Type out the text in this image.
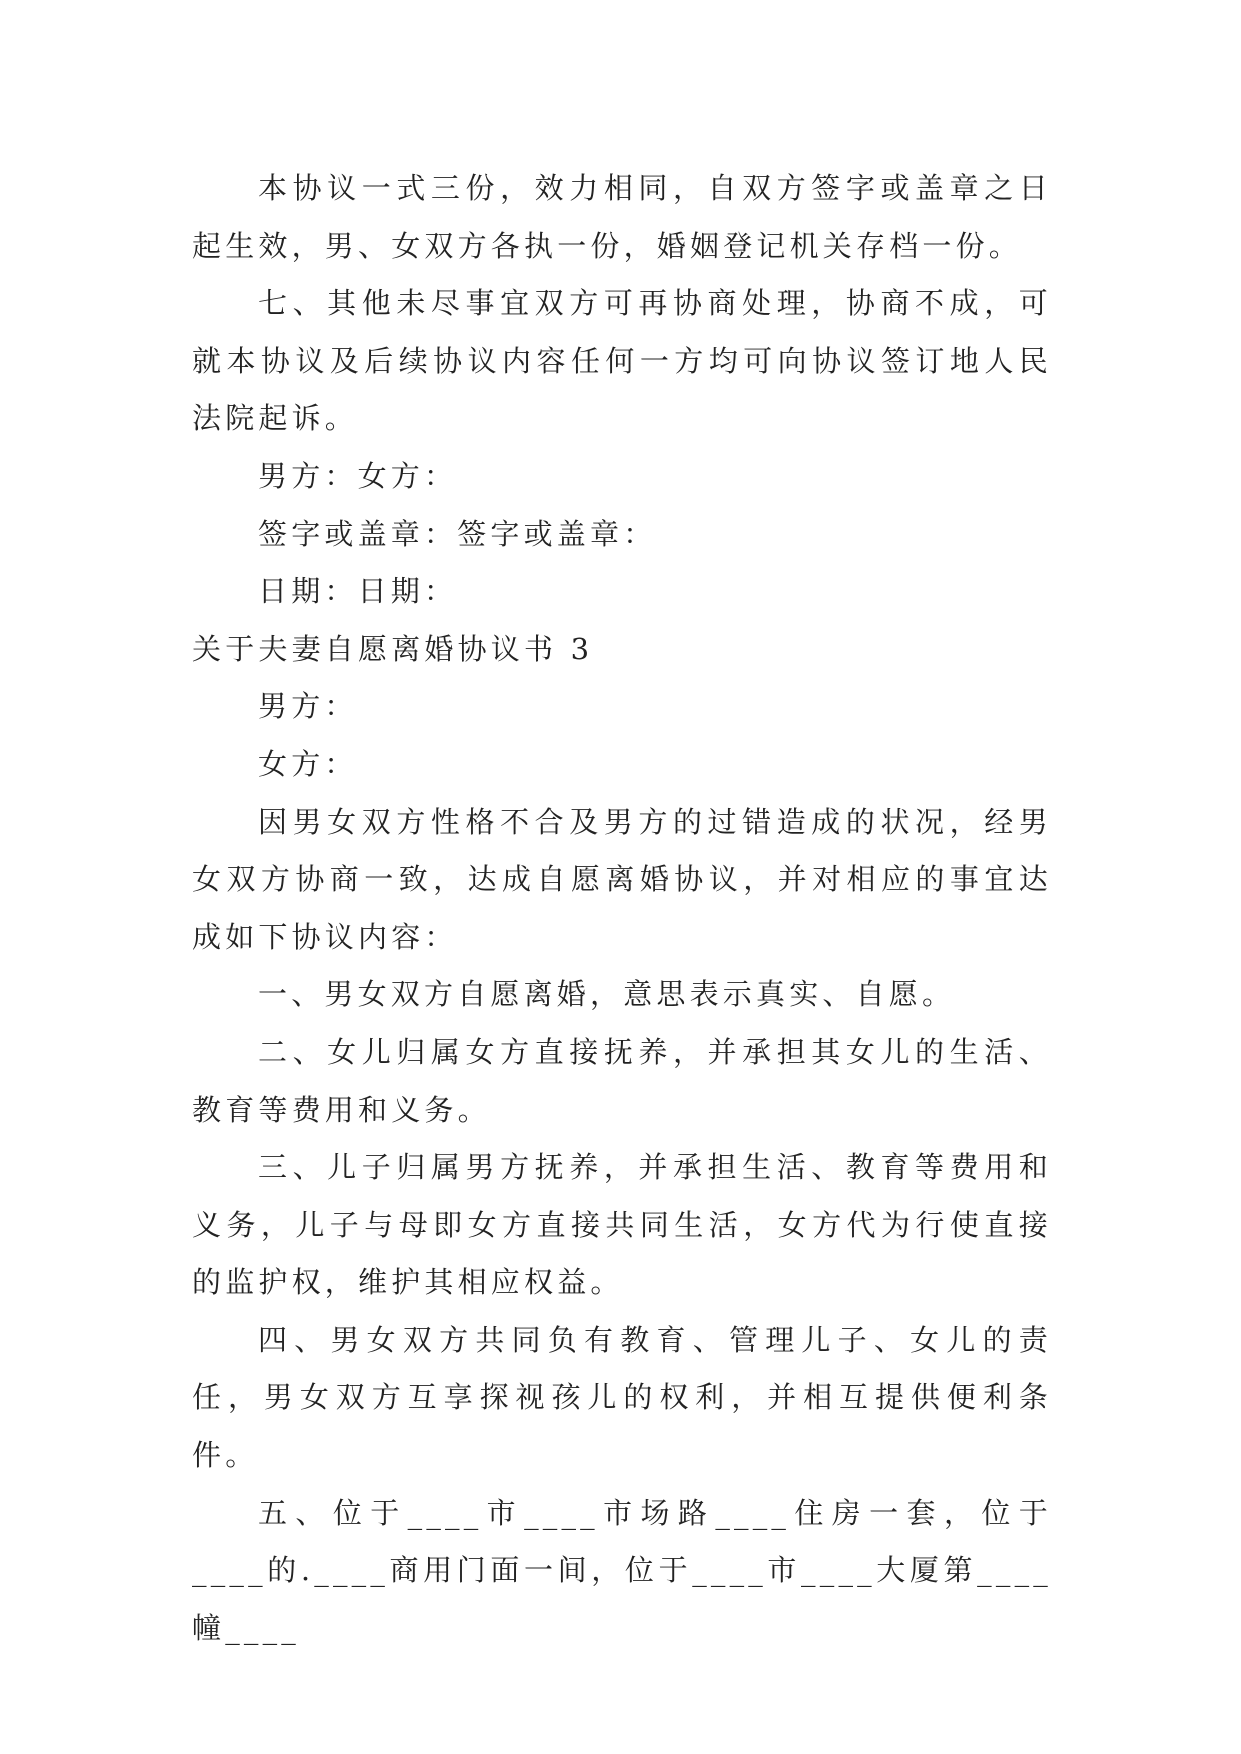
本协议一式三份，效力相同，自双方签字或盖章之日起生效，男、女双方各执一份，婚姻登记机关存档一份。

七、其他未尽事宜双方可再协商处理，协商不成，可就本协议及后续协议内容任何一方均可向协议签订地人民法院起诉。

男方：女方：

签字或盖章：签字或盖章：

日期：日期：

关于夫妻自愿离婚协议书 3

男方：

女方：

因男女双方性格不合及男方的过错造成的状况，经男女双方协商一致，达成自愿离婚协议，并对相应的事宜达成如下协议内容：

一、男女双方自愿离婚，意思表示真实、自愿。

二、女儿归属女方直接抚养，并承担其女儿的生活、教育等费用和义务。

三、儿子归属男方抚养，并承担生活、教育等费用和义务，儿子与母即女方直接共同生活，女方代为行使直接的监护权，维护其相应权益。

四、男女双方共同负有教育、管理儿子、女儿的责任，男女双方互享探视孩儿的权利，并相互提供便利条件。

五、位于____市____市场路____住房一套，位于____的.____商用门面一间，位于____市____大厦第____幢____
